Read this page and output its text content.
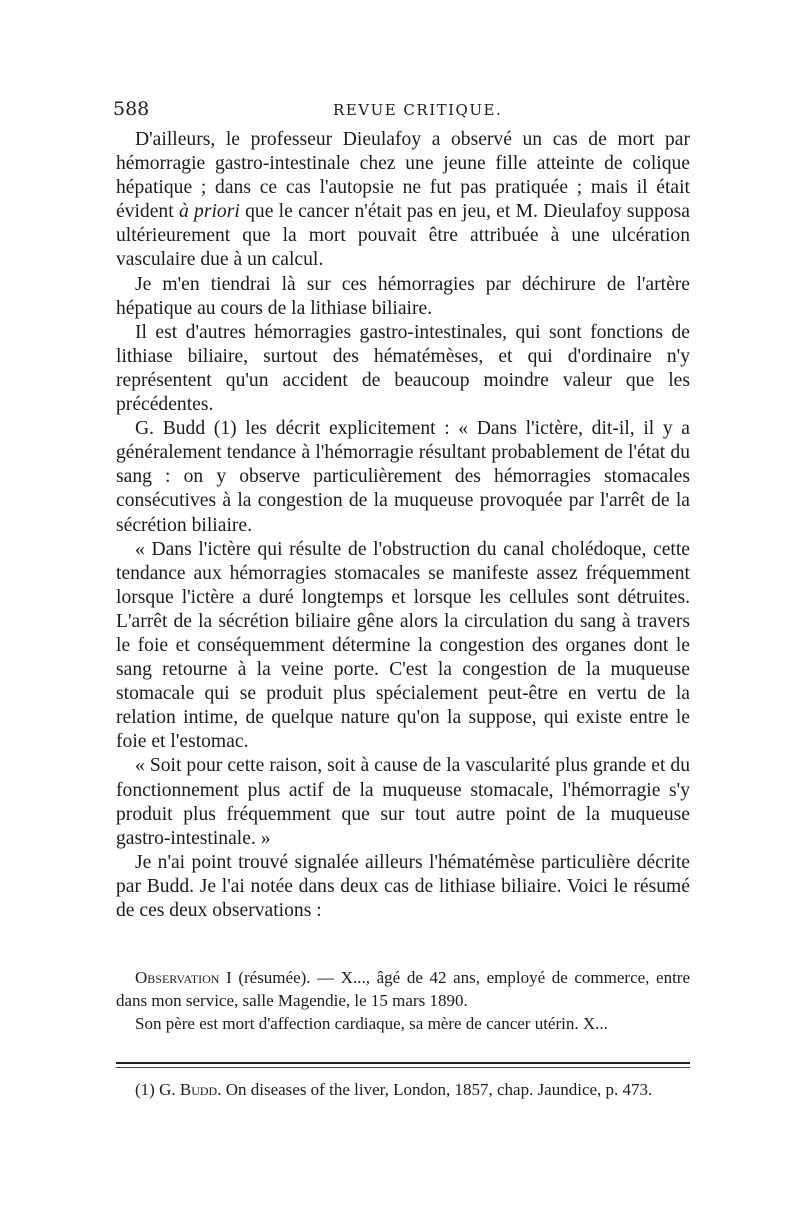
588	REVUE CRITIQUE.

D'ailleurs, le professeur Dieulafoy a observé un cas de mort par hémorragie gastro-intestinale chez une jeune fille atteinte de colique hépatique ; dans ce cas l'autopsie ne fut pas pratiquée ; mais il était évident à priori que le cancer n'était pas en jeu, et M. Dieulafoy supposa ultérieurement que la mort pouvait être attribuée à une ulcération vasculaire due à un calcul.

Je m'en tiendrai là sur ces hémorragies par déchirure de l'artère hépatique au cours de la lithiase biliaire.

Il est d'autres hémorragies gastro-intestinales, qui sont fonctions de lithiase biliaire, surtout des hématémèses, et qui d'ordinaire n'y représentent qu'un accident de beaucoup moindre valeur que les précédentes.

G. Budd (1) les décrit explicitement : « Dans l'ictère, dit-il, il y a généralement tendance à l'hémorragie résultant probablement de l'état du sang : on y observe particulièrement des hémorragies stomacales consécutives à la congestion de la muqueuse provoquée par l'arrêt de la sécrétion biliaire.

« Dans l'ictère qui résulte de l'obstruction du canal cholédoque, cette tendance aux hémorragies stomacales se manifeste assez fréquemment lorsque l'ictère a duré longtemps et lorsque les cellules sont détruites. L'arrêt de la sécrétion biliaire gêne alors la circulation du sang à travers le foie et conséquemment détermine la congestion des organes dont le sang retourne à la veine porte. C'est la congestion de la muqueuse stomacale qui se produit plus spécialement peut-être en vertu de la relation intime, de quelque nature qu'on la suppose, qui existe entre le foie et l'estomac.

« Soit pour cette raison, soit à cause de la vascularité plus grande et du fonctionnement plus actif de la muqueuse stomacale, l'hémorragie s'y produit plus fréquemment que sur tout autre point de la muqueuse gastro-intestinale. »

Je n'ai point trouvé signalée ailleurs l'hématémèse particulière décrite par Budd. Je l'ai notée dans deux cas de lithiase biliaire. Voici le résumé de ces deux observations :

Observation I (résumée). — X..., âgé de 42 ans, employé de commerce, entre dans mon service, salle Magendie, le 15 mars 1890.

Son père est mort d'affection cardiaque, sa mère de cancer utérin. X...

(1) G. Budd. On diseases of the liver, London, 1857, chap. Jaundice, p. 473.
